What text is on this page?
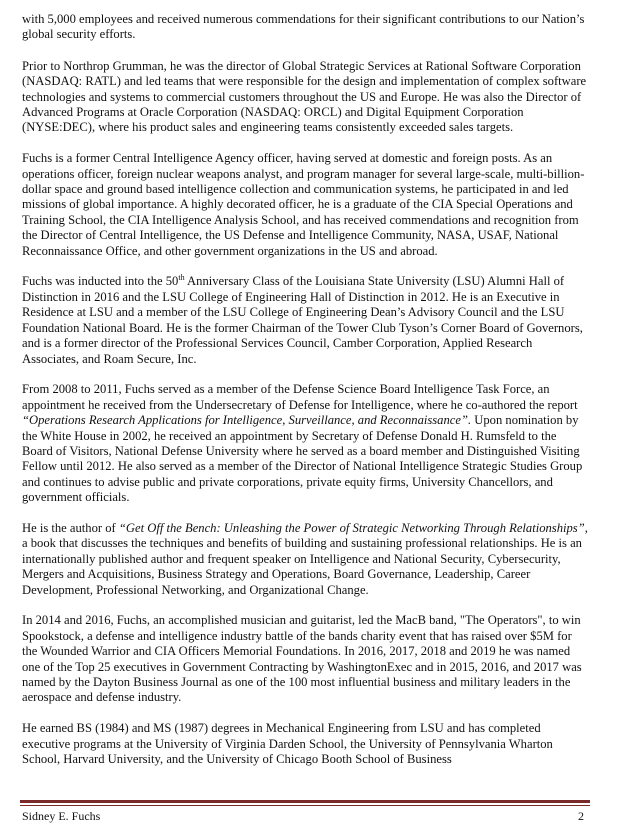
with 5,000 employees and received numerous commendations for their significant contributions to our Nation’s global security efforts.

Prior to Northrop Grumman, he was the director of Global Strategic Services at Rational Software Corporation (NASDAQ: RATL) and led teams that were responsible for the design and implementation of complex software technologies and systems to commercial customers throughout the US and Europe. He was also the Director of Advanced Programs at Oracle Corporation (NASDAQ: ORCL) and Digital Equipment Corporation (NYSE:DEC), where his product sales and engineering teams consistently exceeded sales targets.

Fuchs is a former Central Intelligence Agency officer, having served at domestic and foreign posts. As an operations officer, foreign nuclear weapons analyst, and program manager for several large-scale, multi-billion-dollar space and ground based intelligence collection and communication systems, he participated in and led missions of global importance. A highly decorated officer, he is a graduate of the CIA Special Operations and Training School, the CIA Intelligence Analysis School, and has received commendations and recognition from the Director of Central Intelligence, the US Defense and Intelligence Community, NASA, USAF, National Reconnaissance Office, and other government organizations in the US and abroad.

Fuchs was inducted into the 50th Anniversary Class of the Louisiana State University (LSU) Alumni Hall of Distinction in 2016 and the LSU College of Engineering Hall of Distinction in 2012. He is an Executive in Residence at LSU and a member of the LSU College of Engineering Dean’s Advisory Council and the LSU Foundation National Board. He is the former Chairman of the Tower Club Tyson’s Corner Board of Governors, and is a former director of the Professional Services Council, Camber Corporation, Applied Research Associates, and Roam Secure, Inc.

From 2008 to 2011, Fuchs served as a member of the Defense Science Board Intelligence Task Force, an appointment he received from the Undersecretary of Defense for Intelligence, where he co-authored the report “Operations Research Applications for Intelligence, Surveillance, and Reconnaissance”. Upon nomination by the White House in 2002, he received an appointment by Secretary of Defense Donald H. Rumsfeld to the Board of Visitors, National Defense University where he served as a board member and Distinguished Visiting Fellow until 2012. He also served as a member of the Director of National Intelligence Strategic Studies Group and continues to advise public and private corporations, private equity firms, University Chancellors, and government officials.

He is the author of “Get Off the Bench: Unleashing the Power of Strategic Networking Through Relationships”, a book that discusses the techniques and benefits of building and sustaining professional relationships. He is an internationally published author and frequent speaker on Intelligence and National Security, Cybersecurity, Mergers and Acquisitions, Business Strategy and Operations, Board Governance, Leadership, Career Development, Professional Networking, and Organizational Change.

In 2014 and 2016, Fuchs, an accomplished musician and guitarist, led the MacB band, "The Operators", to win Spookstock, a defense and intelligence industry battle of the bands charity event that has raised over $5M for the Wounded Warrior and CIA Officers Memorial Foundations. In 2016, 2017, 2018 and 2019 he was named one of the Top 25 executives in Government Contracting by WashingtonExec and in 2015, 2016, and 2017 was named by the Dayton Business Journal as one of the 100 most influential business and military leaders in the aerospace and defense industry.

He earned BS (1984) and MS (1987) degrees in Mechanical Engineering from LSU and has completed executive programs at the University of Virginia Darden School, the University of Pennsylvania Wharton School, Harvard University, and the University of Chicago Booth School of Business

Sidney E. Fuchs	2
